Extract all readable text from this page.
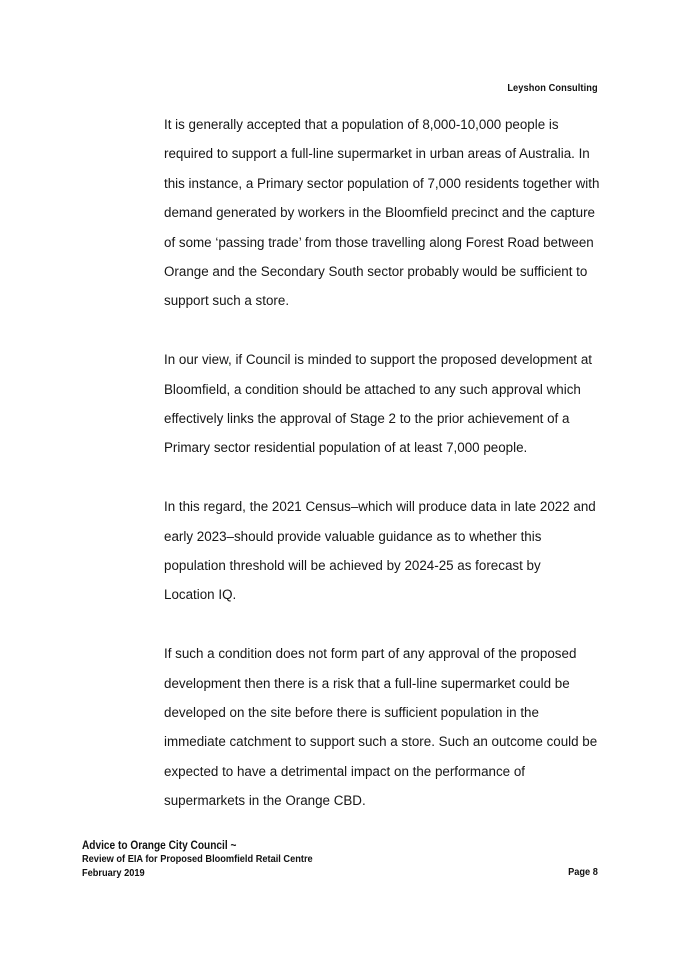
Leyshon Consulting

It is generally accepted that a population of 8,000-10,000 people is
required to support a full-line supermarket in urban areas of Australia. In
this instance, a Primary sector population of 7,000 residents together with
demand generated by workers in the Bloomfield precinct and the capture
of some ‘passing trade’ from those travelling along Forest Road between
Orange and the Secondary South sector probably would be sufficient to
support such a store.

In our view, if Council is minded to support the proposed development at
Bloomfield, a condition should be attached to any such approval which
effectively links the approval of Stage 2 to the prior achievement of a
Primary sector residential population of at least 7,000 people.

In this regard, the 2021 Census–which will produce data in late 2022 and
early 2023–should provide valuable guidance as to whether this
population threshold will be achieved by 2024-25 as forecast by
Location IQ.

If such a condition does not form part of any approval of the proposed
development then there is a risk that a full-line supermarket could be
developed on the site before there is sufficient population in the
immediate catchment to support such a store. Such an outcome could be
expected to have a detrimental impact on the performance of
supermarkets in the Orange CBD.

Advice to Orange City Council ~
Review of EIA for Proposed Bloomfield Retail Centre
February 2019	Page 8
